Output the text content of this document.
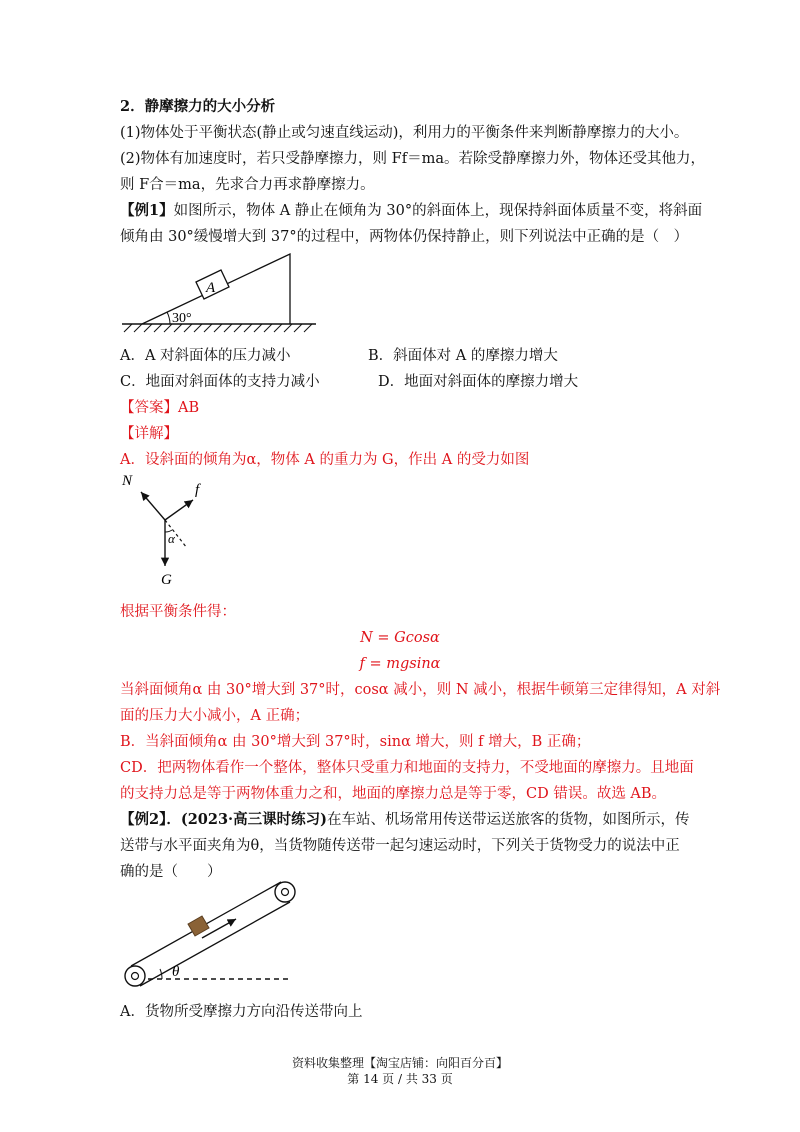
2．静摩擦力的大小分析
(1)物体处于平衡状态(静止或匀速直线运动)，利用力的平衡条件来判断静摩擦力的大小。
(2)物体有加速度时，若只受静摩擦力，则 Ff＝ma。若除受静摩擦力外，物体还受其他力，
则 F合＝ma，先求合力再求静摩擦力。
【例1】如图所示，物体 A 静止在倾角为 30°的斜面体上，现保持斜面体质量不变，将斜面
倾角由 30°缓慢增大到 37°的过程中，两物体仍保持静止，则下列说法中正确的是（　）
A
30°
A．A 对斜面体的压力减小	B．斜面体对 A 的摩擦力增大
C．地面对斜面体的支持力减小	D．地面对斜面体的摩擦力增大
【答案】AB
【详解】
A．设斜面的倾角为α，物体 A 的重力为 G，作出 A 的受力如图
N
f
G
α
根据平衡条件得：
N = Gcosα
f = mgsinα
当斜面倾角α 由 30°增大到 37°时，cosα 减小，则 N 减小，根据牛顿第三定律得知，A 对斜
面的压力大小减小，A 正确；
B．当斜面倾角α 由 30°增大到 37°时，sinα 增大，则 f 增大，B 正确；
CD．把两物体看作一个整体，整体只受重力和地面的支持力，不受地面的摩擦力。且地面
的支持力总是等于两物体重力之和，地面的摩擦力总是等于零，CD 错误。故选 AB。
【例2】．(2023·高三课时练习)在车站、机场常用传送带运送旅客的货物，如图所示，传
送带与水平面夹角为θ，当货物随传送带一起匀速运动时，下列关于货物受力的说法中正
确的是（　　）
θ
A．货物所受摩擦力方向沿传送带向上
资料收集整理【淘宝店铺：向阳百分百】
第 14 页 / 共 33 页
